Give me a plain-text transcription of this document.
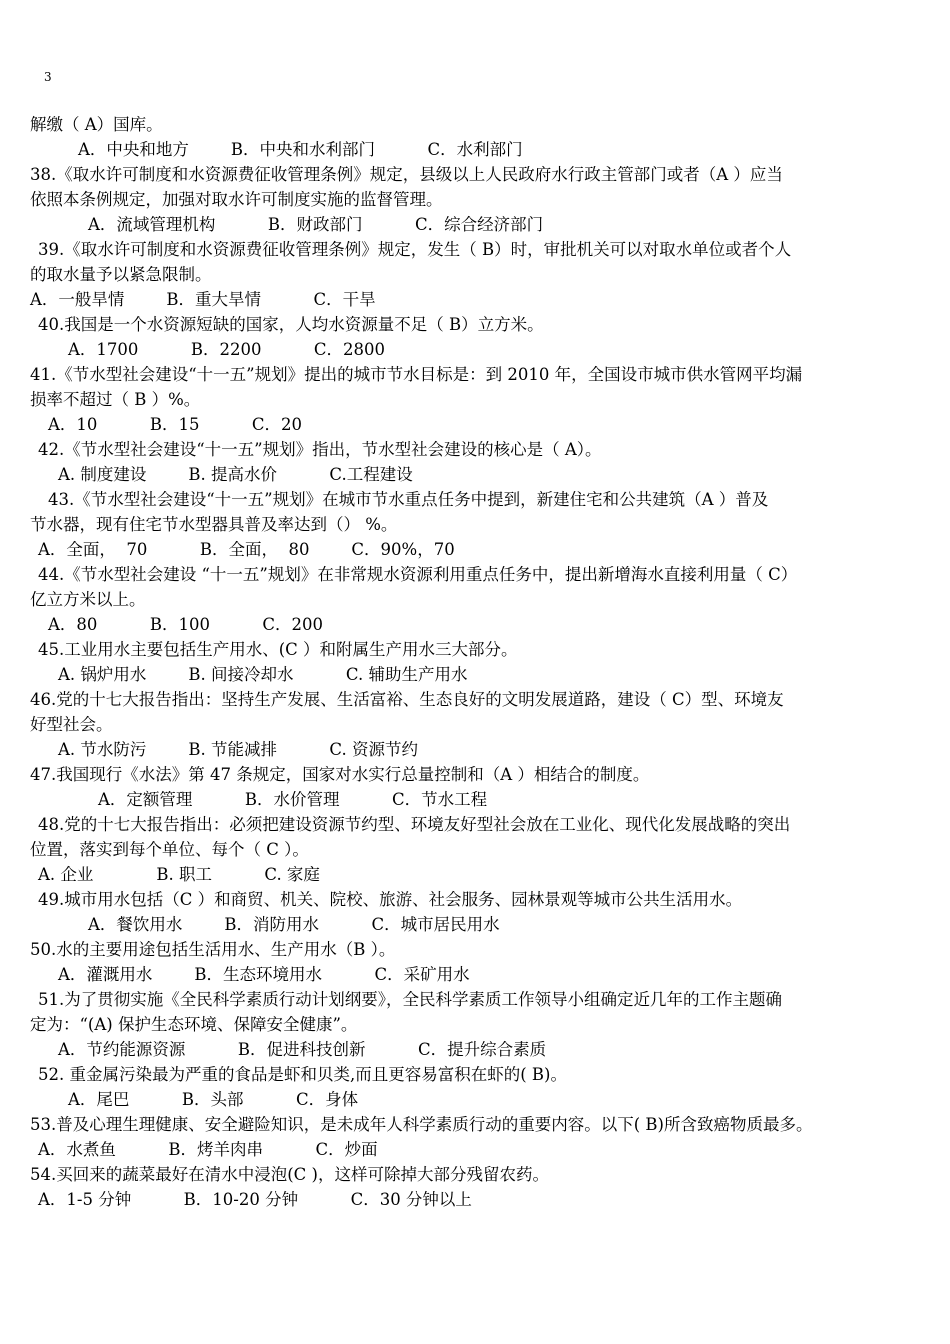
3
解缴（ A）国库。
A．中央和地方        B．中央和水利部门          C．水利部门
38.《取水许可制度和水资源费征收管理条例》规定，县级以上人民政府水行政主管部门或者（A ）应当
依照本条例规定，加强对取水许可制度实施的监督管理。
A．流域管理机构          B．财政部门          C．综合经济部门
39.《取水许可制度和水资源费征收管理条例》规定，发生（ B）时，审批机关可以对取水单位或者个人
的取水量予以紧急限制。
A．一般旱情        B．重大旱情          C．干旱
40.我国是一个水资源短缺的国家，人均水资源量不足（ B）立方米。
A．1700          B．2200          C．2800
41.《节水型社会建设“十一五”规划》提出的城市节水目标是：到 2010 年，全国设市城市供水管网平均漏
损率不超过（ B ）%。
A．10          B．15          C．20
42.《节水型社会建设“十一五”规划》指出，节水型社会建设的核心是（ A）。
A. 制度建设        B. 提高水价          C.工程建设
43.《节水型社会建设“十一五”规划》在城市节水重点任务中提到，新建住宅和公共建筑（A ）普及
节水器，现有住宅节水型器具普及率达到（） %。
A．全面，  70          B．全面，  80        C．90%，70
44.《节水型社会建设 “十一五”规划》在非常规水资源利用重点任务中，提出新增海水直接利用量（ C）
亿立方米以上。
A．80          B．100          C．200
45.工业用水主要包括生产用水、(C ）和附属生产用水三大部分。
A. 锅炉用水        B. 间接冷却水          C. 辅助生产用水
46.党的十七大报告指出：坚持生产发展、生活富裕、生态良好的文明发展道路，建设（ C）型、环境友
好型社会。
A. 节水防污        B. 节能减排          C. 资源节约
47.我国现行《水法》第 47 条规定，国家对水实行总量控制和（A ）相结合的制度。
A．定额管理          B．水价管理          C．节水工程
48.党的十七大报告指出：必须把建设资源节约型、环境友好型社会放在工业化、现代化发展战略的突出
位置，落实到每个单位、每个（ C ）。
A. 企业            B. 职工          C. 家庭
49.城市用水包括（C ）和商贸、机关、院校、旅游、社会服务、园林景观等城市公共生活用水。
A．餐饮用水        B．消防用水          C．城市居民用水
50.水的主要用途包括生活用水、生产用水（B ）。
A．灌溉用水        B．生态环境用水          C．采矿用水
51.为了贯彻实施《全民科学素质行动计划纲要》，全民科学素质工作领导小组确定近几年的工作主题确
定为：“(A) 保护生态环境、保障安全健康”。
A．节约能源资源          B．促进科技创新          C．提升综合素质
52. 重金属污染最为严重的食品是虾和贝类,而且更容易富积在虾的( B)。
A．尾巴          B．头部          C．身体
53.普及心理生理健康、安全避险知识，是未成年人科学素质行动的重要内容。以下( B)所含致癌物质最多。
A．水煮鱼          B．烤羊肉串          C．炒面
54.买回来的蔬菜最好在清水中浸泡(C )，这样可除掉大部分残留农药。
A．1-5 分钟          B．10-20 分钟          C．30 分钟以上
